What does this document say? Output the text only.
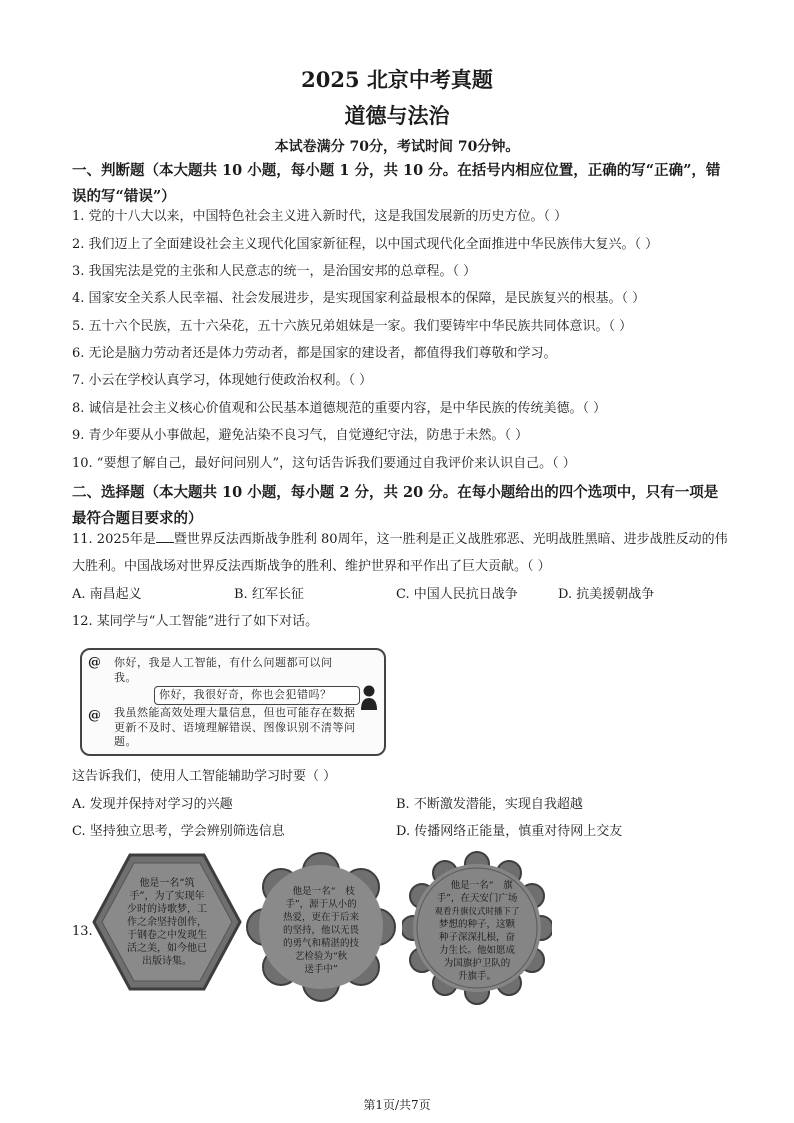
2025 北京中考真题
道德与法治
本试卷满分 70分，考试时间 70分钟。
一、判断题（本大题共 10 小题，每小题 1 分，共 10 分。在括号内相应位置，正确的写“正确”，错误的写“错误”）
1. 党的十八大以来，中国特色社会主义进入新时代，这是我国发展新的历史方位。（ ）
2. 我们迈上了全面建设社会主义现代化国家新征程，以中国式现代化全面推进中华民族伟大复兴。（ ）
3. 我国宪法是党的主张和人民意志的统一，是治国安邦的总章程。（ ）
4. 国家安全关系人民幸福、社会发展进步，是实现国家利益最根本的保障，是民族复兴的根基。（ ）
5. 五十六个民族，五十六朵花，五十六族兄弟姐妹是一家。我们要铸牢中华民族共同体意识。（ ）
6. 无论是脑力劳动者还是体力劳动者，都是国家的建设者，都值得我们尊敬和学习。
7. 小云在学校认真学习，体现她行使政治权利。（ ）
8. 诚信是社会主义核心价值观和公民基本道德规范的重要内容，是中华民族的传统美德。（ ）
9. 青少年要从小事做起，避免沾染不良习气，自觉遵纪守法，防患于未然。（ ）
10. “要想了解自己，最好问问别人”，这句话告诉我们要通过自我评价来认识自己。（ ）
二、选择题（本大题共 10 小题，每小题 2 分，共 20 分。在每小题给出的四个选项中，只有一项是最符合题目要求的）
11. 2025年是 暨世界反法西斯战争胜利 80周年，这一胜利是正义战胜邪恶、光明战胜黑暗、进步战胜反动的伟大胜利。中国战场对世界反法西斯战争的胜利、维护世界和平作出了巨大贡献。（ ）
A. 南昌起义	B. 红军长征	C. 中国人民抗日战争	D. 抗美援朝战争
12. 某同学与“人工智能”进行了如下对话。
@ 你好，我是人工智能，有什么问题都可以问我。
你好，我很好奇，你也会犯错吗？
@ 我虽然能高效处理大量信息，但也可能存在数据更新不及时、语境理解错误、图像识别不清等问题。
这告诉我们，使用人工智能辅助学习时要（ ）
A. 发现并保持对学习的兴趣	B. 不断激发潜能，实现自我超越
C. 坚持独立思考，学会辨别筛选信息	D. 传播网络正能量，慎重对待网上交友
13.
他是一名“筑
手”，为了实现年
少时的诗歌梦，工
作之余坚持创作，
于钢卷之中发现生
活之美，如今他已
出版诗集。
他是一名“ 枝
手”，源于从小的
热爱，更在于后来
的坚持，他以无畏
的勇气和精湛的技
艺检验为“秋
送手中”
他是一名“ 旗
手”，在天安门广场
观看升旗仪式时播下了
梦想的种子，这颗
种子深深扎根，奋
力生长。他如愿成
为国旗护卫队的
升旗手。
第1页/共7页
